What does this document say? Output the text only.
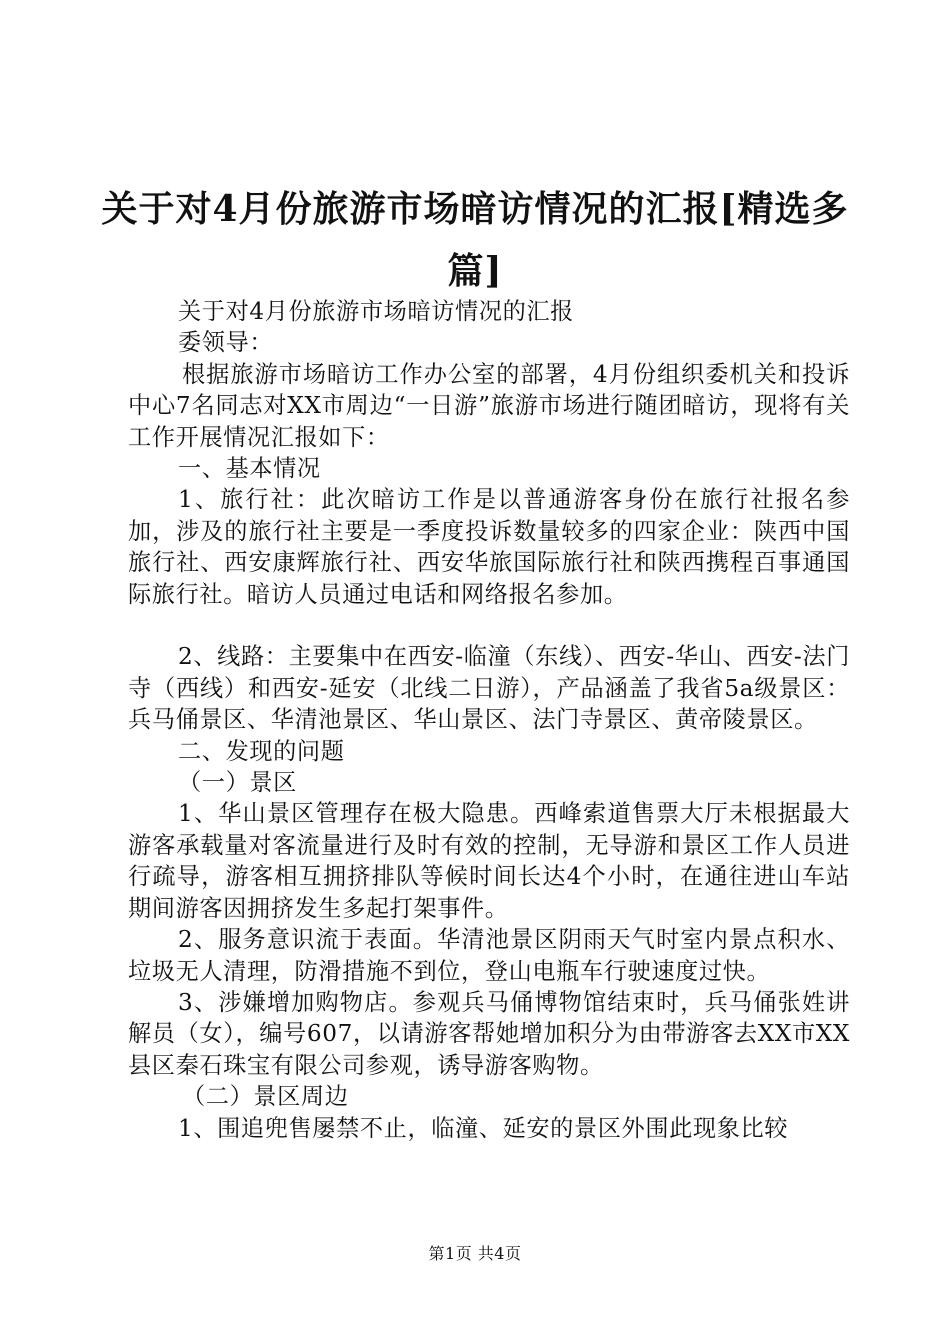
关于对4月份旅游市场暗访情况的汇报[精选多篇]

关于对4月份旅游市场暗访情况的汇报

委领导：

根据旅游市场暗访工作办公室的部署，4月份组织委机关和投诉中心7名同志对XX市周边“一日游”旅游市场进行随团暗访，现将有关工作开展情况汇报如下：

一、基本情况

1、旅行社：此次暗访工作是以普通游客身份在旅行社报名参加，涉及的旅行社主要是一季度投诉数量较多的四家企业：陕西中国旅行社、西安康辉旅行社、西安华旅国际旅行社和陕西携程百事通国际旅行社。暗访人员通过电话和网络报名参加。

2、线路：主要集中在西安-临潼（东线）、西安-华山、西安-法门寺（西线）和西安-延安（北线二日游），产品涵盖了我省5a级景区：兵马俑景区、华清池景区、华山景区、法门寺景区、黄帝陵景区。

二、发现的问题

（一）景区

1、华山景区管理存在极大隐患。西峰索道售票大厅未根据最大游客承载量对客流量进行及时有效的控制，无导游和景区工作人员进行疏导，游客相互拥挤排队等候时间长达4个小时，在通往进山车站期间游客因拥挤发生多起打架事件。

2、服务意识流于表面。华清池景区阴雨天气时室内景点积水、垃圾无人清理，防滑措施不到位，登山电瓶车行驶速度过快。

3、涉嫌增加购物店。参观兵马俑博物馆结束时，兵马俑张姓讲解员（女），编号607，以请游客帮她增加积分为由带游客去XX市XX县区秦石珠宝有限公司参观，诱导游客购物。

（二）景区周边

1、围追兜售屡禁不止，临潼、延安的景区外围此现象比较

第1页 共4页
